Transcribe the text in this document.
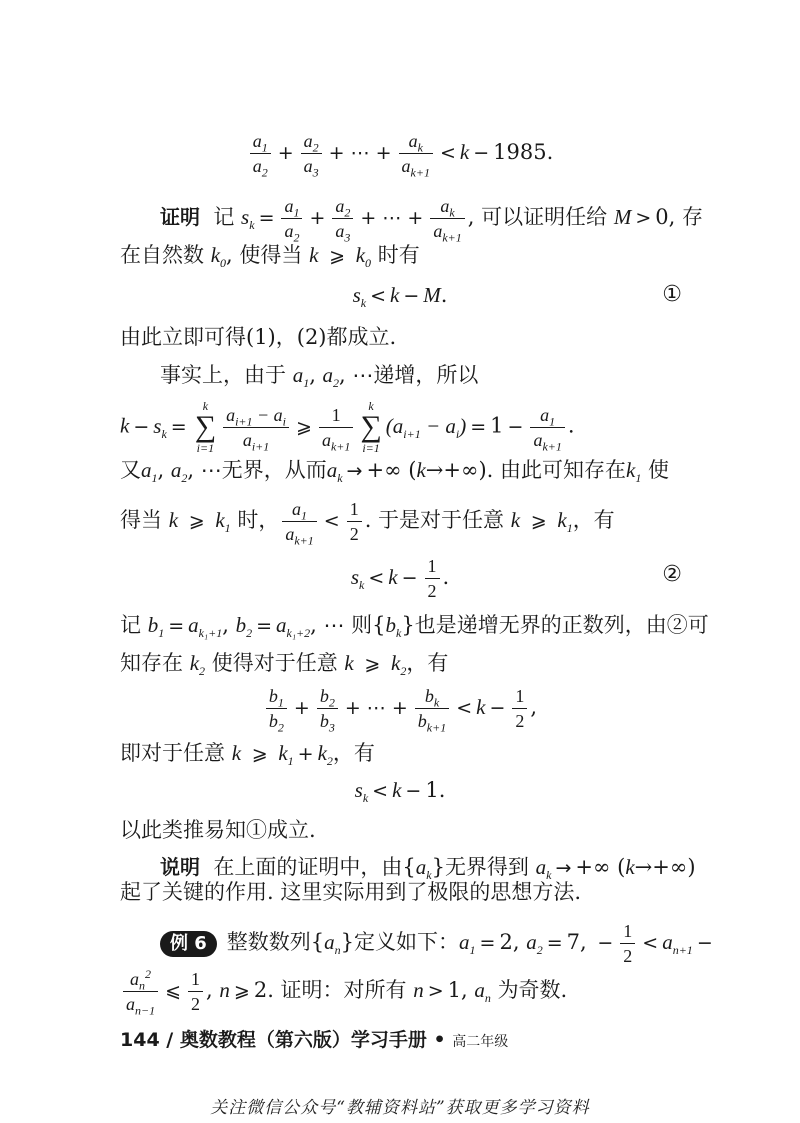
$\frac{a_1}{a_2} + \frac{a_2}{a_3}$ + ⋯ + $\frac{a_k}{a_{k+1}} < k - 1985$.
证明 记 $s_k = \frac{a_1}{a_2} + \frac{a_2}{a_3}$ + ⋯ + $\frac{a_k}{a_{k+1}}$ , 可以证明任给 M > 0, 存
在自然数 $k_0$, 使得当 k ⩾ $k_0$ 时有
$s_k < k - M$.	①
由此立即可得(1)，(2)都成立.
事实上，由于 $a_1$, $a_2$, ⋯递增，所以
$k - s_k$ =
k
∑
$i=1 \frac{a_{i+1} - a_i}{a_{i+1}}$ ⩾ $\frac{1}{a_{k+1}}$	k
∑
i=1
$(a_{i+1} - a_i) = 1 - \frac{a_1}{a_{k+1}}$ .
又$a_1$, $a_2$, ⋯无界，从而$a_k$ → +∞ (k→+∞). 由此可知存在$k_1$ 使
得当 k ⩾ $k_1$ 时， $\frac{a_1}{a_{k+1}} < \frac{1}{2}$ . 于是对于任意 k ⩾ $k_1$，有
$s_k < k - \frac{1}{2}$ .	②
记 $b_1 = a_{k_1+1}$, $b_2 = a_{k_1+2}$, ⋯ 则$\{b_k\}$也是递增无界的正数列，由②可
知存在 $k_2$ 使得对于任意 k ⩾ $k_2$，有
$\frac{b_1}{b_2} + \frac{b_2}{b_3}$ + ⋯ + $\frac{b_k}{b_{k+1}} < k - \frac{1}{2}$ ,
即对于任意 k ⩾ $k_1 + k_2$，有
$s_k < k - 1$.
以此类推易知①成立.
说明 在上面的证明中，由$\{a_k\}$无界得到 $a_k$ → +∞ (k→+∞)
起了关键的作用. 这里实际用到了极限的思想方法.
例 6 整数数列$\{a_n\}$定义如下：$a_1 = 2$, $a_2 = 7$, − $\frac{1}{2} < a_{n+1}$ −
$\frac{a_n^2}{a_{n-1}}$ ⩽ $\frac{1}{2}$ , n ⩾ 2. 证明：对所有 n > 1, $a_n$ 为奇数.
144 / 奥数教程（第六版）学习手册 • 高二年级
关注微信公众号“教辅资料站”获取更多学习资料
